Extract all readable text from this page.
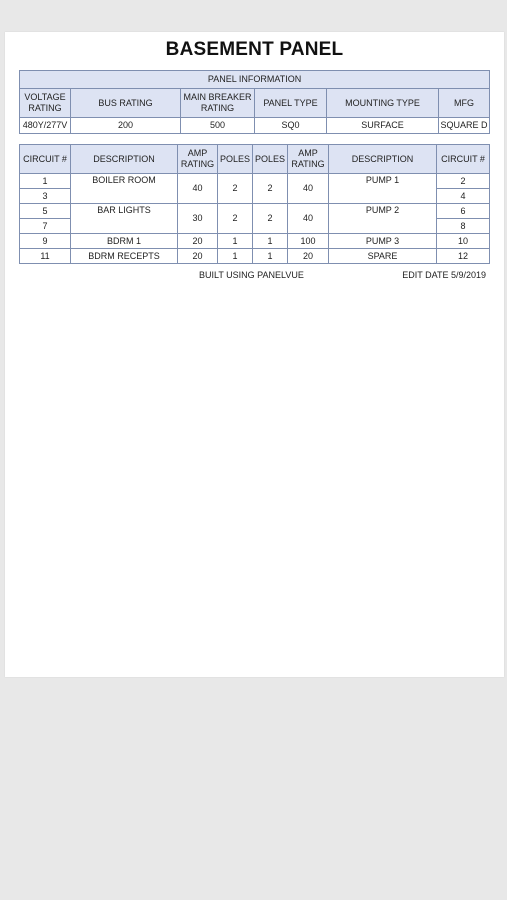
BASEMENT PANEL
PANEL INFORMATION					
VOLTAGE RATING	BUS RATING	MAIN BREAKER RATING	PANEL TYPE	MOUNTING TYPE	MFG
480Y/277V	200	500	SQ0	SURFACE	SQUARE D
CIRCUIT #	DESCRIPTION	AMP RATING	POLES	POLES	AMP RATING	DESCRIPTION	CIRCUIT #
1	BOILER ROOM	40	2	2	40	PUMP 1	2
3							4
5	BAR LIGHTS	30	2	2	40	PUMP 2	6
7							8
9	BDRM 1	20	1	1	100	PUMP 3	10
11	BDRM RECEPTS	20	1	1	20	SPARE	12
BUILT USING PANELVUE	EDIT DATE 5/9/2019
